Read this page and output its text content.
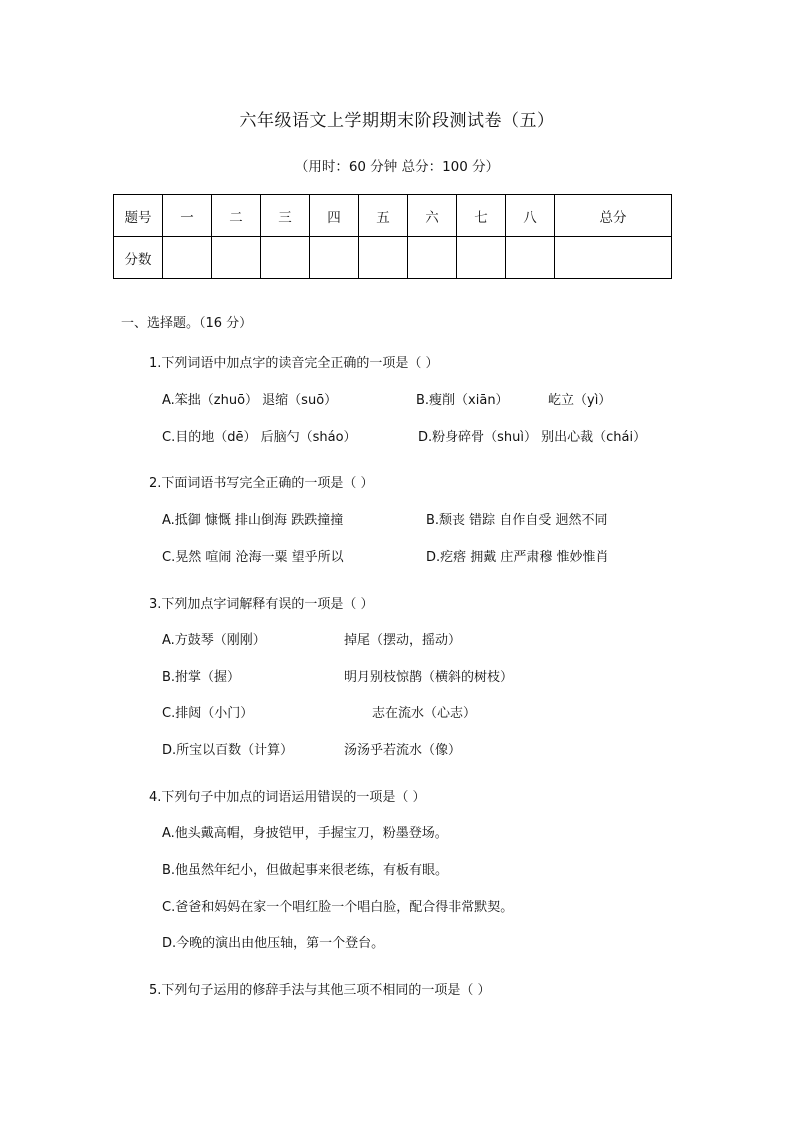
六年级语文上学期期末阶段测试卷（五）
（用时：60 分钟 总分：100 分）
题号	一	二	三	四	五	六	七	八	总分
分数									
一、选择题。（16 分）
1.下列词语中加点字的读音完全正确的一项是（ ）
A.笨拙（zhuō） 退缩（suō）	B.瘦削（xiān）	屹立（yì）
C.目的地（dē） 后脑勺（sháo）	D.粉身碎骨（shuì） 别出心裁（chái）
2.下面词语书写完全正确的一项是（ ）
A.抵御 慷慨 排山倒海 跌跌撞撞	B.颓丧 错踪 自作自受 迥然不同
C.晃然 喧闹 沧海一粟 望乎所以	D.疙瘩 拥戴 庄严肃穆 惟妙惟肖
3.下列加点字词解释有误的一项是（ ）
A.方鼓琴（刚刚）	掉尾（摆动，摇动）
B.拊掌（握）	明月别枝惊鹊（横斜的树枝）
C.排闼（小门）	志在流水（心志）
D.所宝以百数（计算）	汤汤乎若流水（像）
4.下列句子中加点的词语运用错误的一项是（ ）
A.他头戴高帽，身披铠甲，手握宝刀，粉墨登场。
B.他虽然年纪小，但做起事来很老练，有板有眼。
C.爸爸和妈妈在家一个唱红脸一个唱白脸，配合得非常默契。
D.今晚的演出由他压轴，第一个登台。
5.下列句子运用的修辞手法与其他三项不相同的一项是（ ）
